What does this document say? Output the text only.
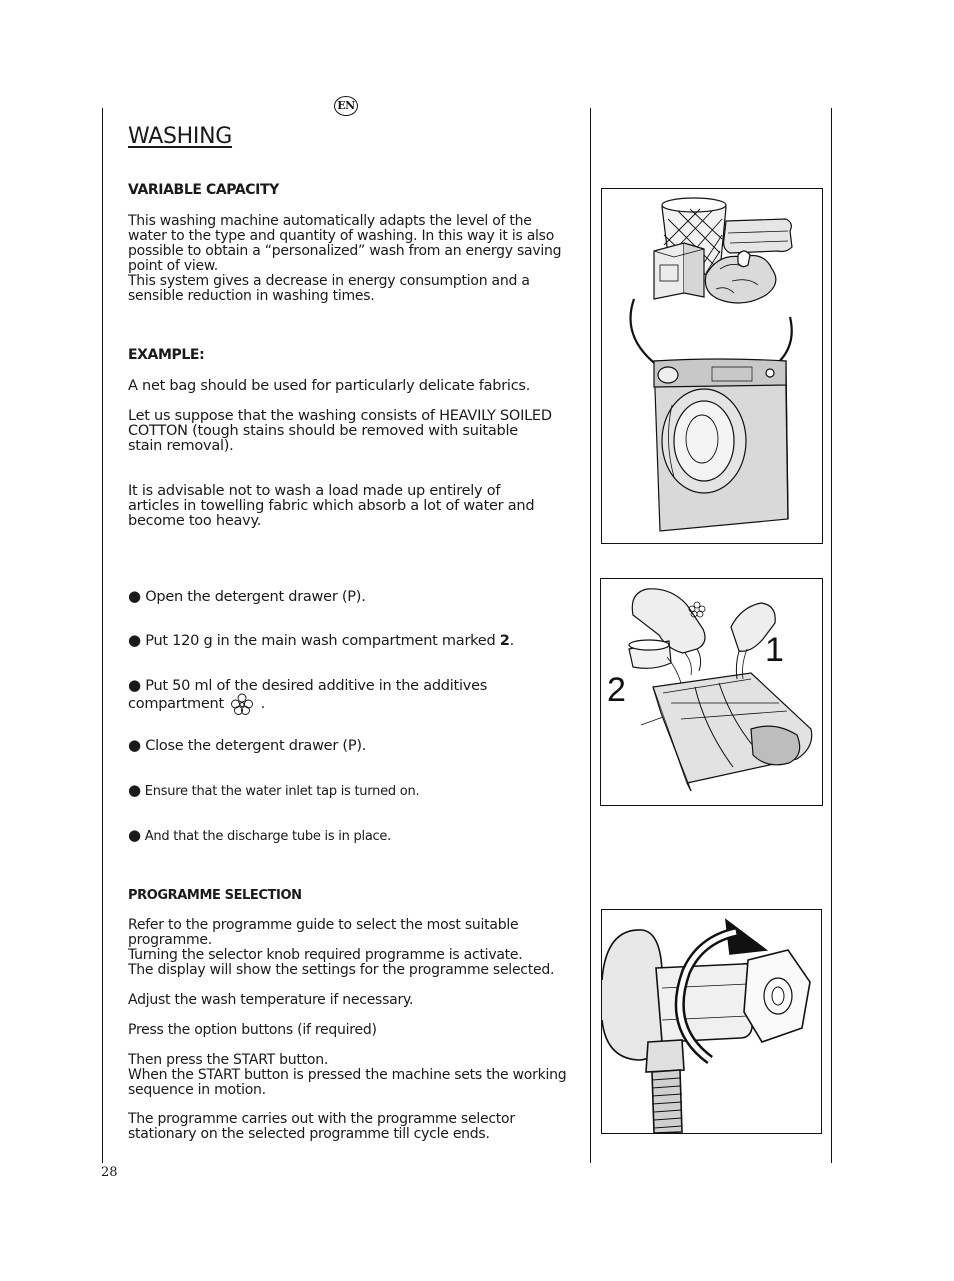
EN
WASHING
VARIABLE CAPACITY
This washing machine automatically adapts the level of the
water to the type and quantity of washing. In this way it is also
possible to obtain a “personalized” wash from an energy saving
point of view.
This system gives a decrease in energy consumption and a
sensible reduction in washing times.
EXAMPLE:
A net bag should be used for particularly delicate fabrics.
Let us suppose that the washing consists of HEAVILY SOILED
COTTON (tough stains should be removed with suitable
stain removal).
It is advisable not to wash a load made up entirely of
articles in towelling fabric which absorb a lot of water and
become too heavy.
● Open the detergent drawer (P).
● Put 120 g in the main wash compartment marked 2.
● Put 50 ml of the desired additive in the additives
compartment	.
● Close the detergent drawer (P).
● Ensure that the water inlet tap is turned on.
● And that the discharge tube is in place.
PROGRAMME SELECTION
Refer to the programme guide to select the most suitable
programme.
Turning the selector knob required programme is activate.
The display will show the settings for the programme selected.
Adjust the wash temperature if necessary.
Press the option buttons (if required)
Then press the START button.
When the START button is pressed the machine sets the working
sequence in motion.
The programme carries out with the programme selector
stationary on the selected programme till cycle ends.
1
2
28
